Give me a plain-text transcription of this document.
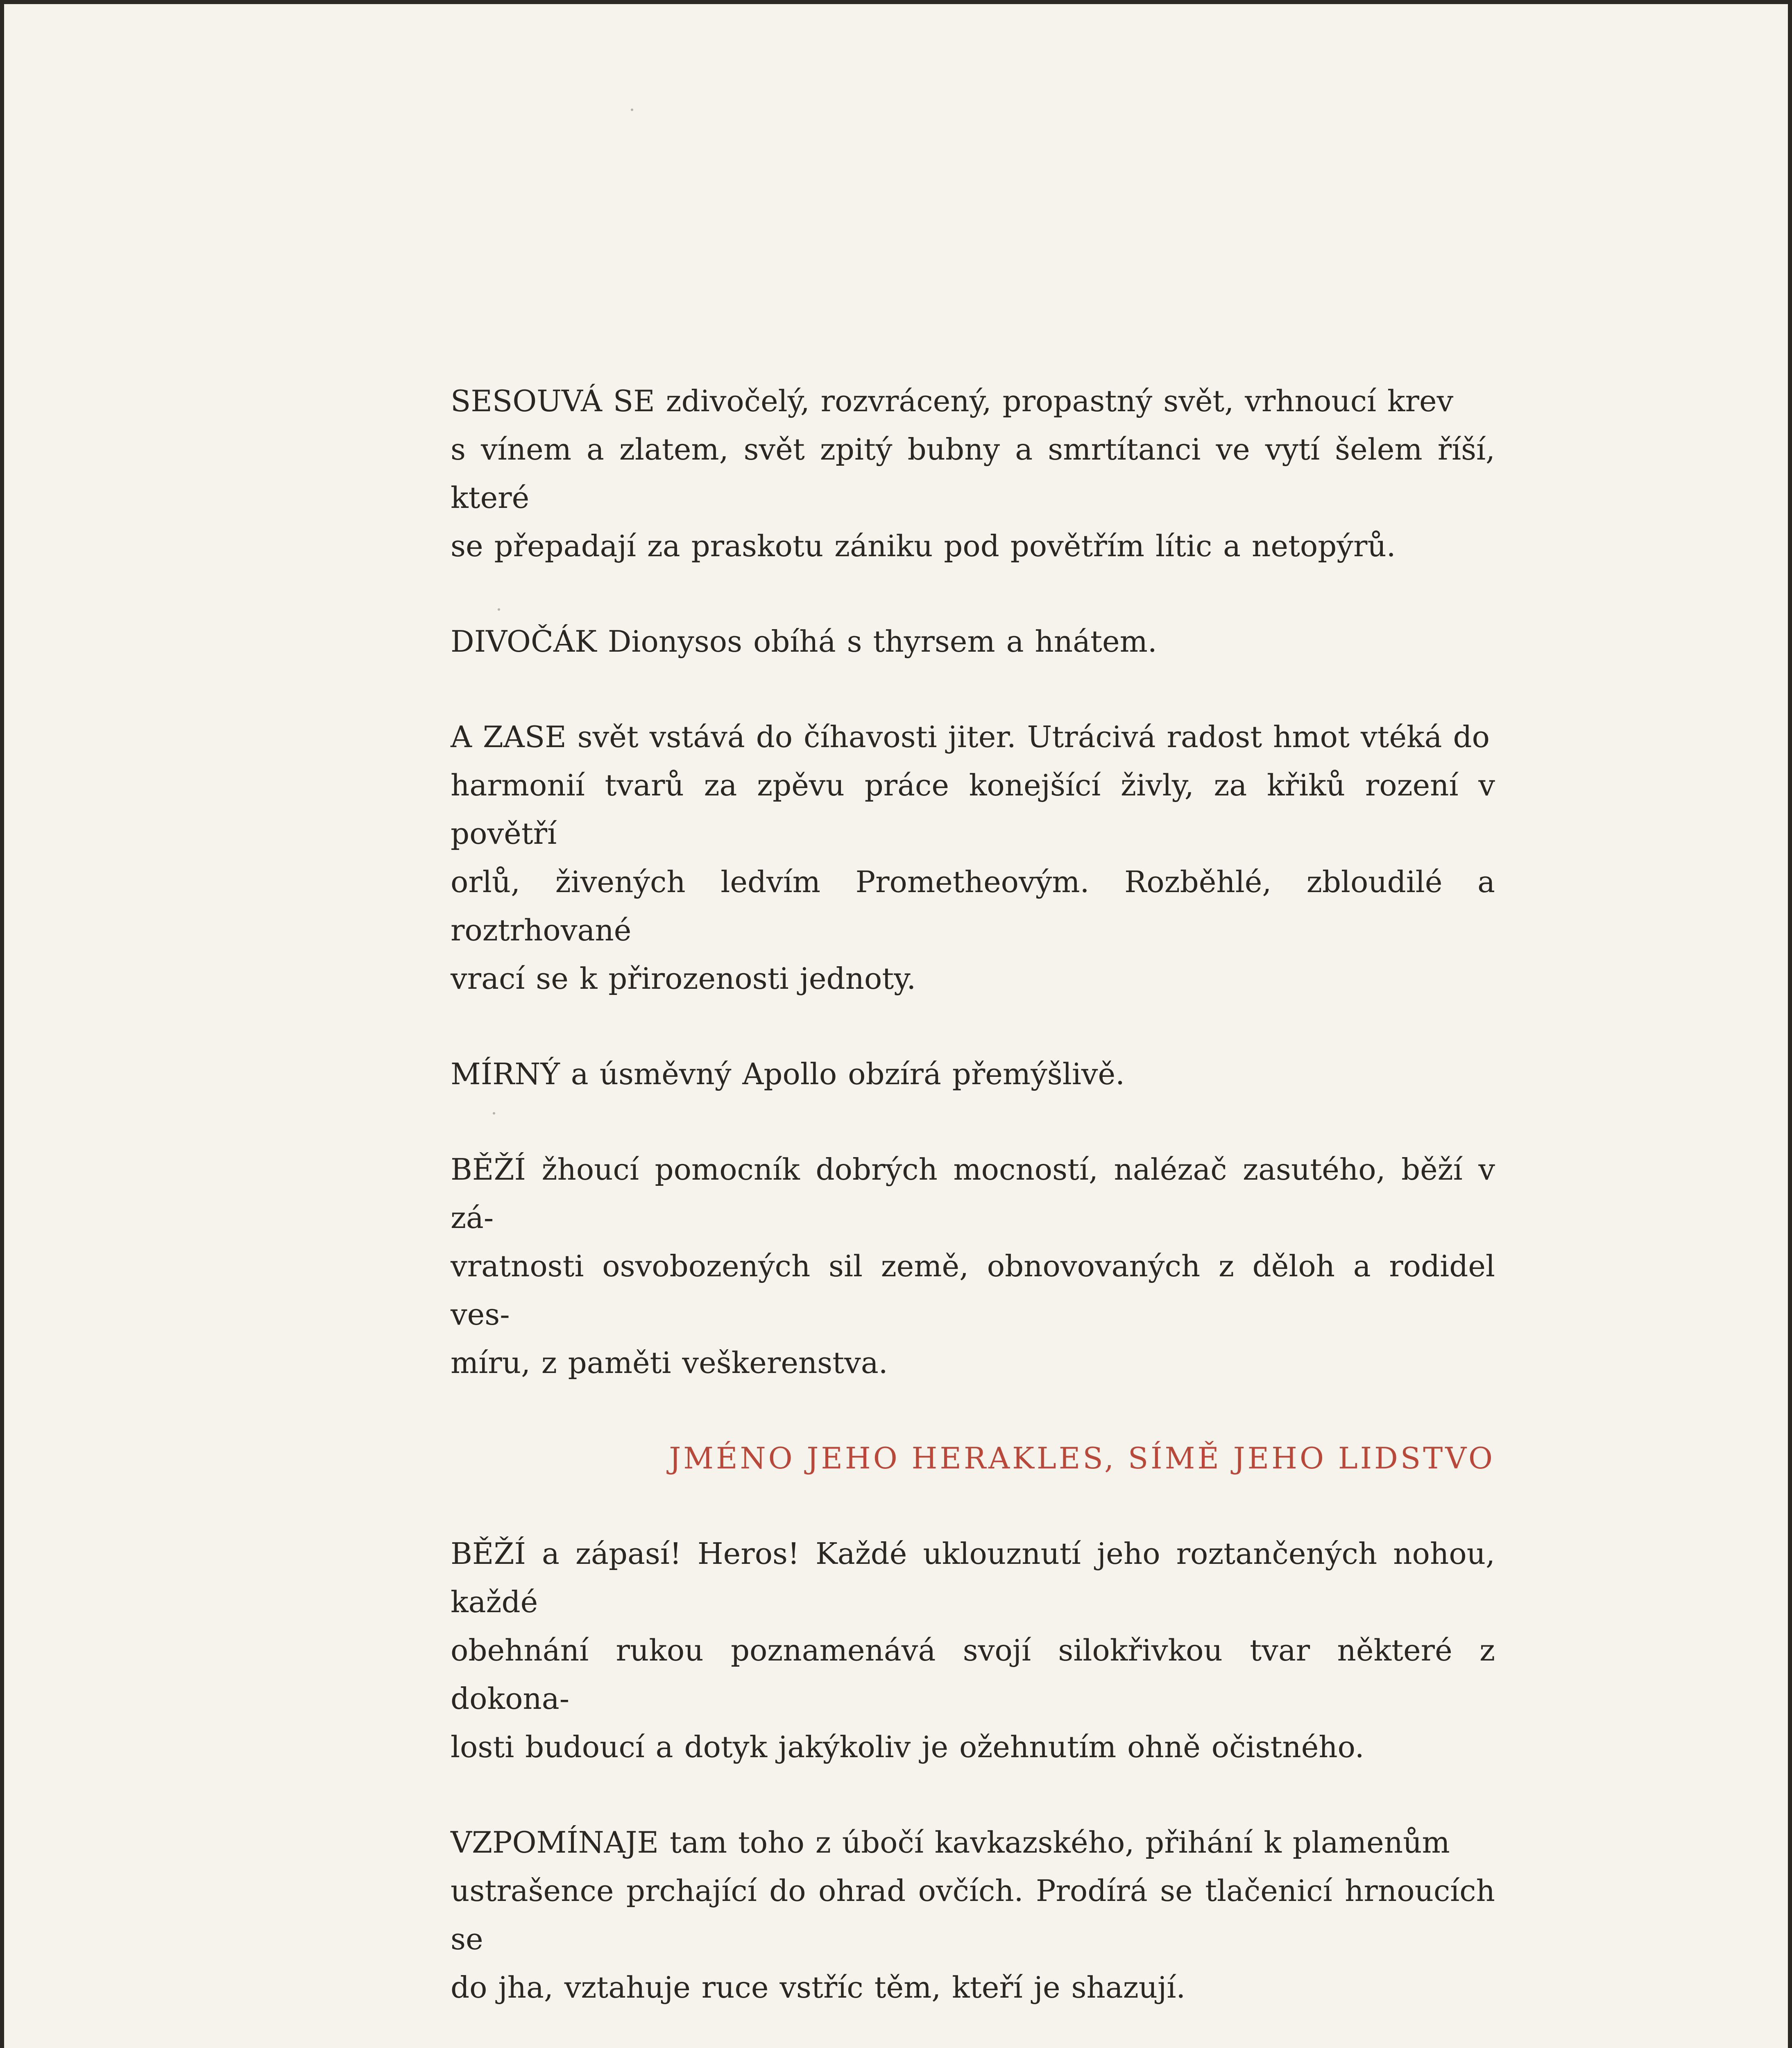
SESOUVÁ SE zdivočelý, rozvrácený, propastný svět, vrhnoucí krev
s vínem a zlatem, svět zpitý bubny a smrtítanci ve vytí šelem říší, které
se přepadají za praskotu zániku pod povětřím lític a netopýrů.
DIVOČÁK Dionysos obíhá s thyrsem a hnátem.
A ZASE svět vstává do číhavosti jiter. Utrácivá radost hmot vtéká do
harmonií tvarů za zpěvu práce konejšící živly, za křiků rození v povětří
orlů, živených ledvím Prometheovým. Rozběhlé, zbloudilé a roztrhované
vrací se k přirozenosti jednoty.
MÍRNÝ a úsměvný Apollo obzírá přemýšlivě.
BĚŽÍ žhoucí pomocník dobrých mocností, nalézač zasutého, běží v zá-
vratnosti osvobozených sil země, obnovovaných z děloh a rodidel ves-
míru, z paměti veškerenstva.
JMÉNO JEHO HERAKLES, SÍMĚ JEHO LIDSTVO
BĚŽÍ a zápasí! Heros! Každé uklouznutí jeho roztančených nohou, každé
obehnání rukou poznamenává svojí silokřivkou tvar některé z dokona-
losti budoucí a dotyk jakýkoliv je ožehnutím ohně očistného.
VZPOMÍNAJE tam toho z úbočí kavkazského, přihání k plamenům
ustrašence prchající do ohrad ovčích. Prodírá se tlačenicí hrnoucích se
do jha, vztahuje ruce vstříc těm, kteří je shazují.
